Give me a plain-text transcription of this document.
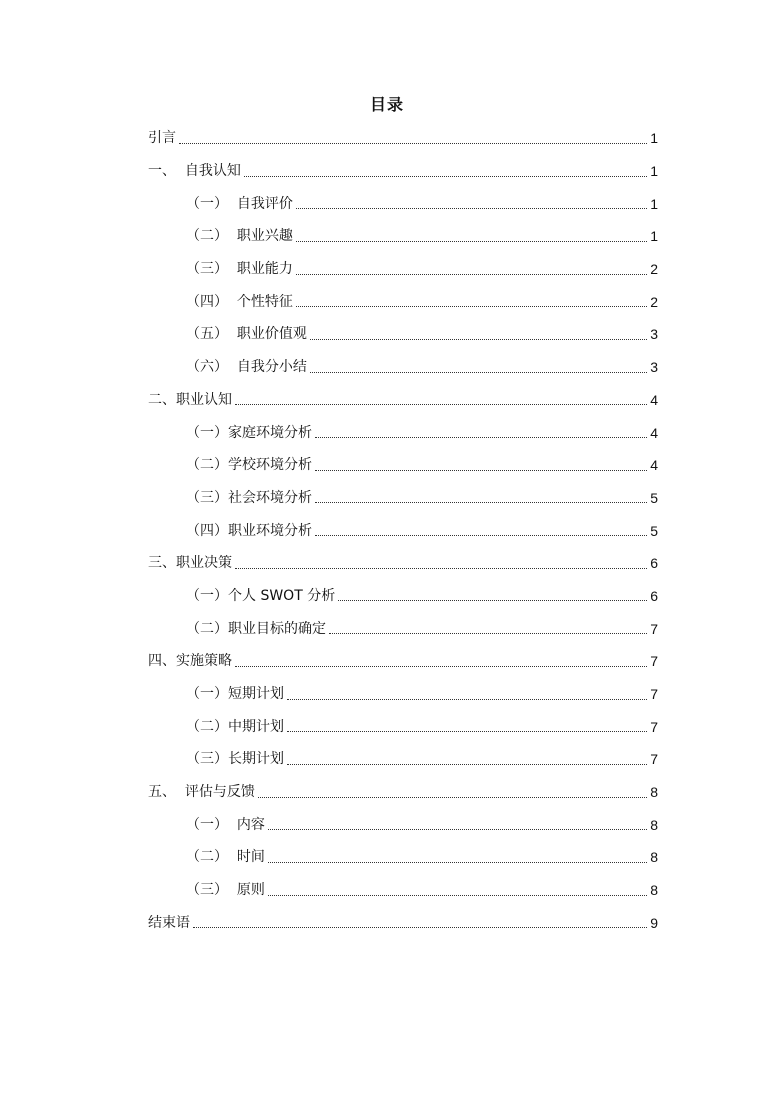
目录
引言	1
一、  自我认知	1
（一）  自我评价	1
（二）  职业兴趣	1
（三）  职业能力	2
（四）  个性特征	2
（五）  职业价值观	3
（六）  自我分小结	3
二、职业认知	4
（一）家庭环境分析	4
（二）学校环境分析	4
（三）社会环境分析	5
（四）职业环境分析	5
三、职业决策	6
（一）个人 SWOT 分析	6
（二）职业目标的确定	7
四、实施策略	7
（一）短期计划	7
（二）中期计划	7
（三）长期计划	7
五、  评估与反馈	8
（一）  内容	8
（二）  时间	8
（三）  原则	8
结束语	9
